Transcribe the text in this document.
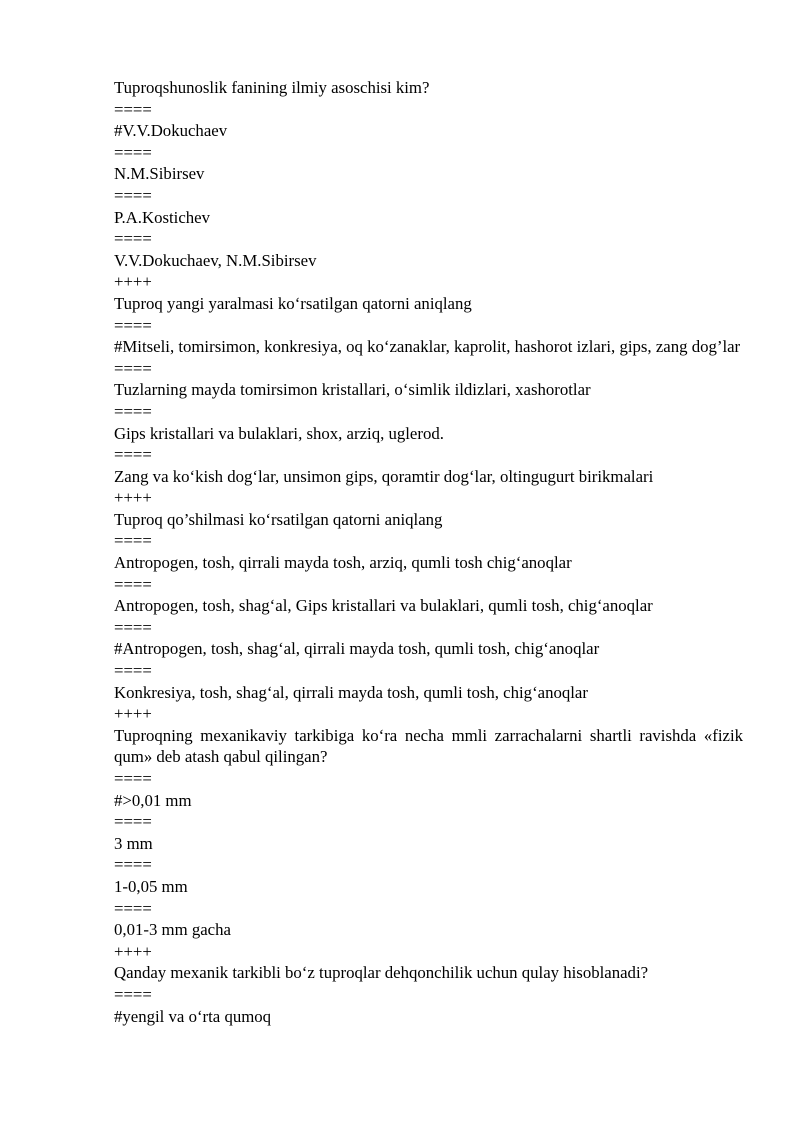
Tuproqshunoslik fanining ilmiy asoschisi kim?
====
#V.V.Dokuchaev
====
N.M.Sibirsev
====
P.A.Kostichev
====
V.V.Dokuchaev, N.M.Sibirsev
++++
Tuproq yangi yaralmasi ko‘rsatilgan qatorni aniqlang
====
#Mitseli, tomirsimon, konkresiya, oq ko‘zanaklar, kaprolit, hashorot izlari, gips, zang dog’lar
====
Tuzlarning mayda tomirsimon kristallari, o‘simlik ildizlari, xashorotlar
====
Gips kristallari va bulaklari, shox, arziq, uglerod.
====
Zang va ko‘kish dog‘lar, unsimon gips, qoramtir dog‘lar, oltingugurt birikmalari
++++
Tuproq qo’shilmasi ko‘rsatilgan qatorni aniqlang
====
Antropogen, tosh, qirrali mayda tosh, arziq, qumli tosh chig‘anoqlar
====
Antropogen, tosh, shag‘al, Gips kristallari va bulaklari, qumli tosh, chig‘anoqlar
====
#Antropogen, tosh, shag‘al, qirrali mayda tosh, qumli tosh, chig‘anoqlar
====
Konkresiya, tosh, shag‘al, qirrali mayda tosh, qumli tosh, chig‘anoqlar
++++
Tuproqning mexanikaviy tarkibiga ko‘ra necha mmli zarrachalarni shartli ravishda «fizik qum» deb atash qabul qilingan?
====
#>0,01 mm
====
3 mm
====
1-0,05 mm
====
0,01-3 mm gacha
++++
Qanday mexanik tarkibli bo‘z tuproqlar dehqonchilik uchun qulay hisoblanadi?
====
#yengil va o‘rta qumoq
